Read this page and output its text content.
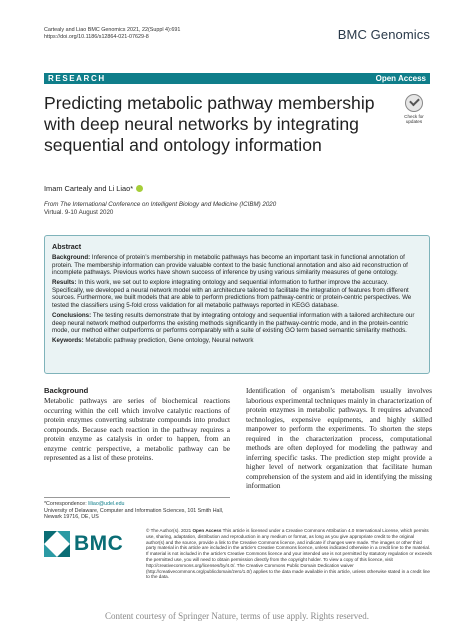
Cartealy and Liao BMC Genomics 2021, 22(Suppl 4):691
https://doi.org/10.1186/s12864-021-07629-8	BMC Genomics
RESEARCH	Open Access
Predicting metabolic pathway membership with deep neural networks by integrating sequential and ontology information
Check for updates
Imam Cartealy and Li Liao *
From The International Conference on Intelligent Biology and Medicine (ICIBM) 2020
Virtual. 9-10 August 2020
Abstract

Background: Inference of protein’s membership in metabolic pathways has become an important task in functional annotation of protein. The membership information can provide valuable context to the basic functional annotation and also aid reconstruction of incomplete pathways. Previous works have shown success of inference by using various similarity measures of gene ontology.

Results: In this work, we set out to explore integrating ontology and sequential information to further improve the accuracy. Specifically, we developed a neural network model with an architecture tailored to facilitate the integration of features from different sources. Furthermore, we built models that are able to perform predictions from pathway-centric or protein-centric perspectives. We tested the classifiers using 5-fold cross validation for all metabolic pathways reported in KEGG database.

Conclusions: The testing results demonstrate that by integrating ontology and sequential information with a tailored architecture our deep neural network method outperforms the existing methods significantly in the pathway-centric mode, and in the protein-centric mode, our method either outperforms or performs comparably with a suite of existing GO term based semantic similarity methods.

Keywords: Metabolic pathway prediction, Gene ontology, Neural network

Background
Metabolic pathways are series of biochemical reactions occurring within the cell which involve catalytic reactions of protein enzymes converting substrate compounds into product compounds. Because each reaction in the pathway requires a protein enzyme as catalysis in order to happen, from an enzyme centric perspective, a metabolic pathway can be represented as a list of these proteins.
Identification of organism’s metabolism usually involves laborious experimental techniques mainly in characterization of protein enzymes in metabolic pathways. It requires advanced technologies, expensive equipments, and highly skilled manpower to perform the experiments. To shorten the steps required in the characterization process, computational methods are often deployed for modeling the pathway and inferring specific tasks. The prediction step might provide a higher level of network organization that facilitate human comprehension of the system and aid in identifying the missing information
*Correspondence: liliao@udel.edu
University of Delaware, Computer and Information Sciences, 101 Smith Hall,
Newark 19716, DE, US
BMC
© The Author(s). 2021 Open Access This article is licensed under a Creative Commons Attribution 4.0 International License, which permits use, sharing, adaptation, distribution and reproduction in any medium or format, as long as you give appropriate credit to the original author(s) and the source, provide a link to the Creative Commons licence, and indicate if changes were made. The images or other third party material in this article are included in the article’s Creative Commons licence, unless indicated otherwise in a credit line to the material. If material is not included in the article’s Creative Commons licence and your intended use is not permitted by statutory regulation or exceeds the permitted use, you will need to obtain permission directly from the copyright holder. To view a copy of this licence, visit http://creativecommons.org/licenses/by/4.0/. The Creative Commons Public Domain Dedication waiver (http://creativecommons.org/publicdomain/zero/1.0/) applies to the data made available in this article, unless otherwise stated in a credit line to the data.
Content courtesy of Springer Nature, terms of use apply. Rights reserved.
